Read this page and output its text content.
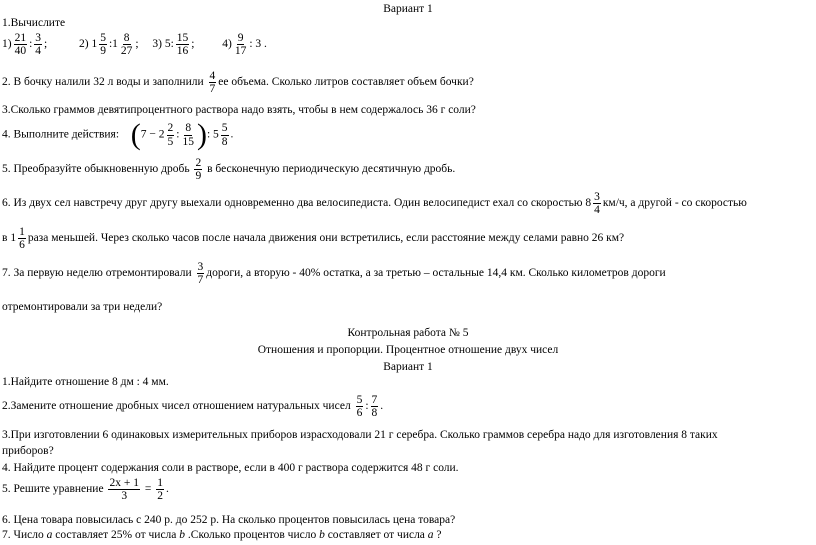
Вариант 1
1.Вычислите
$1) \frac{21}{40}$ : $\frac{3}{4}$ ;	2) 1 5
9
:1 $\frac{8}{27}$ ; 3) 5: $\frac{15}{16}$ ; $4) \frac{9}{17}$ : 3 .
2. В бочку налили 32 л воды и заполнили $\frac{4}{7}$ ее объема. Сколько литров составляет объем бочки?
3.Сколько граммов девятипроцентного раствора надо взять, чтобы в нем содержалось 36 г соли?
4. Выполните действия: ($7 - 2 \frac{2}{5}$ : $\frac{8}{15}$ ): $5 \frac{5}{8}$ .
5. Преобразуйте обыкновенную дробь $\frac{2}{9}$ в бесконечную периодическую десятичную дробь.
6. Из двух сел навстречу друг другу выехали одновременно два велосипедиста. Один велосипедист ехал со скоростью 8 3
4
км/ч, а другой - со скоростью
в 1 1
6
раза меньшей. Через сколько часов после начала движения они встретились, если расстояние между селами равно 26 км?
7. За первую неделю отремонтировали $\frac{3}{7}$ дороги, а вторую - 40% остатка, а за третью – остальные 14,4 км. Сколько километров дороги
отремонтировали за три недели?
Контрольная работа № 5
Отношения и пропорции. Процентное отношение двух чисел
Вариант 1
1.Найдите отношение 8 дм : 4 мм.
2.Замените отношение дробных чисел отношением натуральных чисел $\frac{5}{6}$ : $\frac{7}{8}$ .
3.При изготовлении 6 одинаковых измерительных приборов израсходовали 21 г серебра. Сколько граммов серебра надо для изготовления 8 таких
приборов?
4. Найдите процент содержания соли в растворе, если в 400 г раствора содержится 48 г соли.
5. Решите уравнение $\frac{2x + 1}{3} = \frac{1}{2}$ .
6. Цена товара повысилась с 240 р. до 252 р. На сколько процентов повысилась цена товара?
7. Число a составляет 25% от числа b .Сколько процентов число b составляет от числа a ?
